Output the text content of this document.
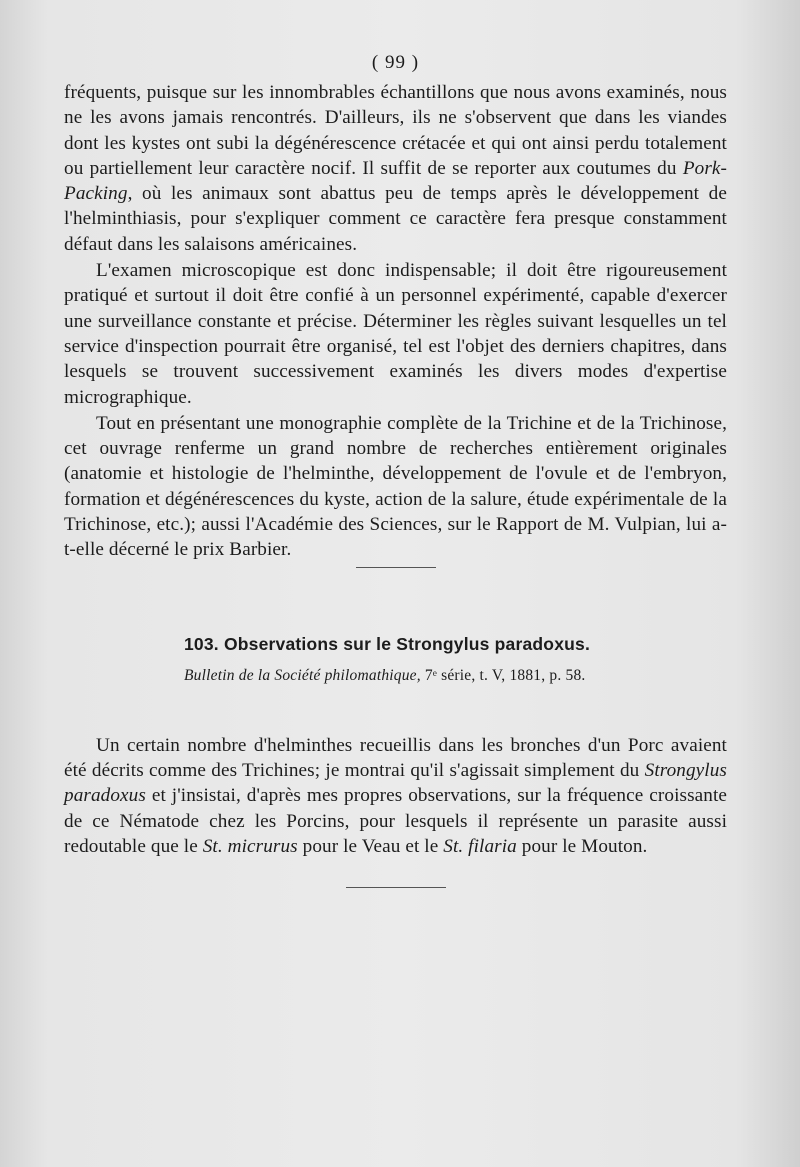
( 99 )

fréquents, puisque sur les innombrables échantillons que nous avons examinés, nous ne les avons jamais rencontrés. D'ailleurs, ils ne s'observent que dans les viandes dont les kystes ont subi la dégénérescence crétacée et qui ont ainsi perdu totalement ou partiellement leur caractère nocif. Il suffit de se reporter aux coutumes du Pork-Packing, où les animaux sont abattus peu de temps après le développement de l'helminthiasis, pour s'expliquer comment ce caractère fera presque constamment défaut dans les salaisons américaines.

L'examen microscopique est donc indispensable; il doit être rigoureusement pratiqué et surtout il doit être confié à un personnel expérimenté, capable d'exercer une surveillance constante et précise. Déterminer les règles suivant lesquelles un tel service d'inspection pourrait être organisé, tel est l'objet des derniers chapitres, dans lesquels se trouvent successivement examinés les divers modes d'expertise micrographique.

Tout en présentant une monographie complète de la Trichine et de la Trichinose, cet ouvrage renferme un grand nombre de recherches entièrement originales (anatomie et histologie de l'helminthe, développement de l'ovule et de l'embryon, formation et dégénérescences du kyste, action de la salure, étude expérimentale de la Trichinose, etc.); aussi l'Académie des Sciences, sur le Rapport de M. Vulpian, lui a-t-elle décerné le prix Barbier.

103. Observations sur le Strongylus paradoxus.
Bulletin de la Société philomathique, 7ᵉ série, t. V, 1881, p. 58.

Un certain nombre d'helminthes recueillis dans les bronches d'un Porc avaient été décrits comme des Trichines; je montrai qu'il s'agissait simplement du Strongylus paradoxus et j'insistai, d'après mes propres observations, sur la fréquence croissante de ce Nématode chez les Porcins, pour lesquels il représente un parasite aussi redoutable que le St. micrurus pour le Veau et le St. filaria pour le Mouton.
